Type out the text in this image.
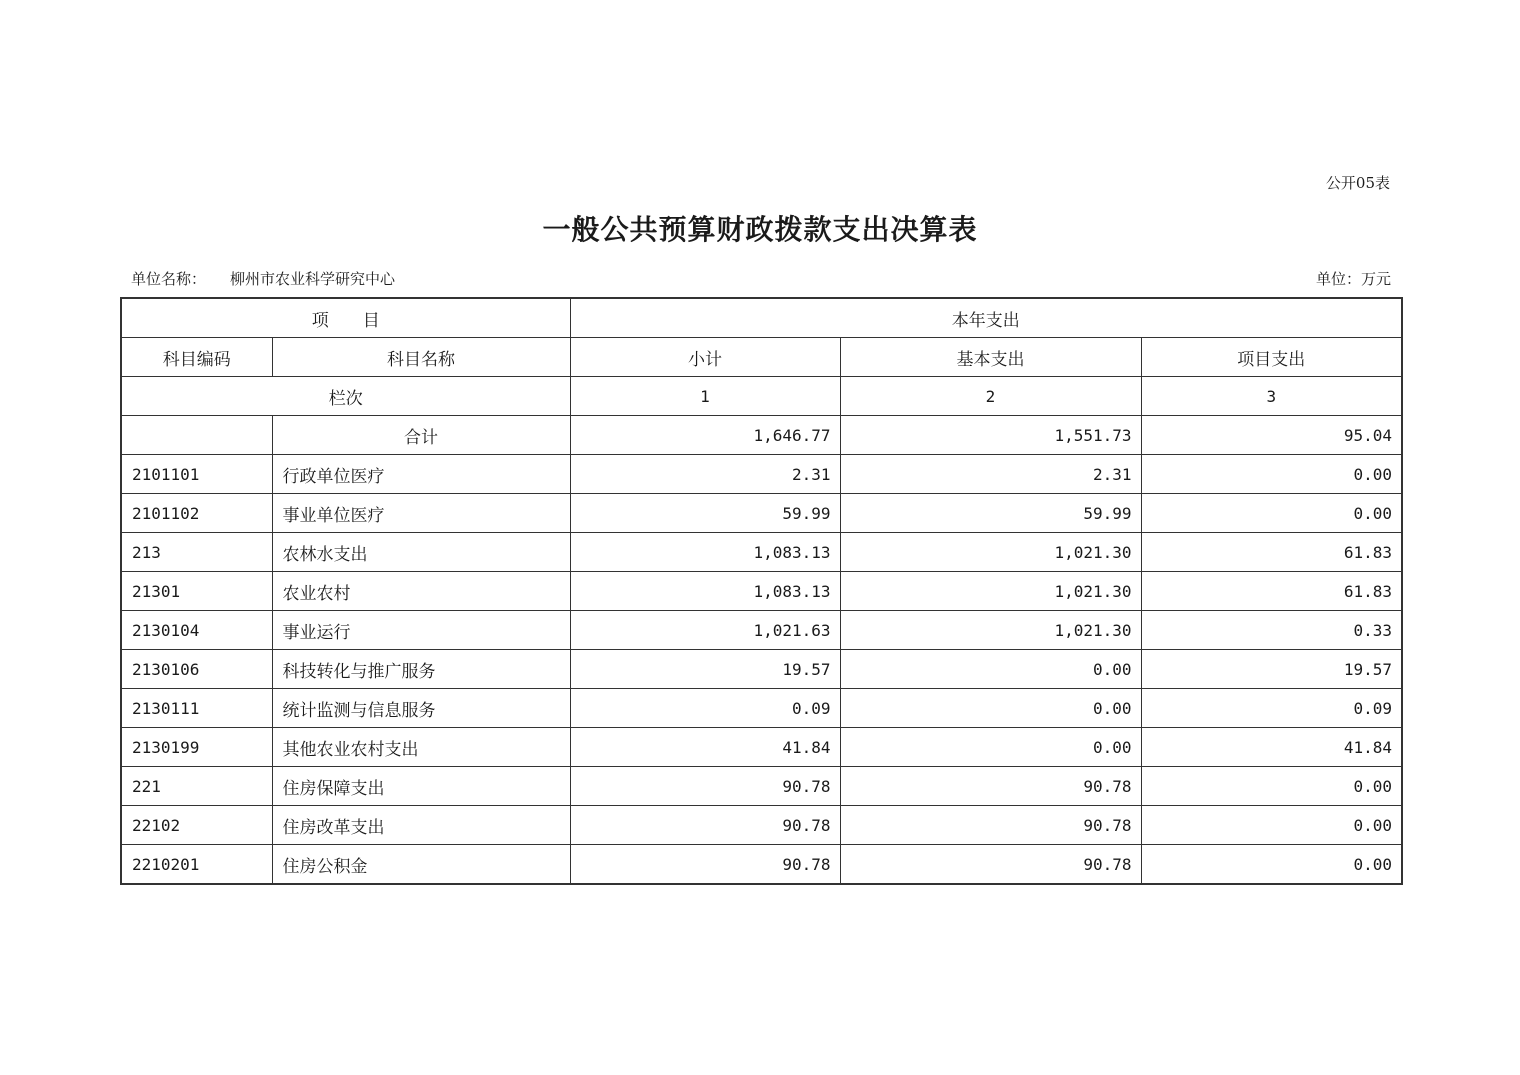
公开05表
一般公共预算财政拨款支出决算表
单位名称： 柳州市农业科学研究中心	单位：万元
项　　目		本年支出		
科目编码	科目名称	小计	基本支出	项目支出
栏次		1	2	3
	合计	1,646.77	1,551.73	95.04
2101101	行政单位医疗	2.31	2.31	0.00
2101102	事业单位医疗	59.99	59.99	0.00
213	农林水支出	1,083.13	1,021.30	61.83
21301	农业农村	1,083.13	1,021.30	61.83
2130104	事业运行	1,021.63	1,021.30	0.33
2130106	科技转化与推广服务	19.57	0.00	19.57
2130111	统计监测与信息服务	0.09	0.00	0.09
2130199	其他农业农村支出	41.84	0.00	41.84
221	住房保障支出	90.78	90.78	0.00
22102	住房改革支出	90.78	90.78	0.00
2210201	住房公积金	90.78	90.78	0.00
